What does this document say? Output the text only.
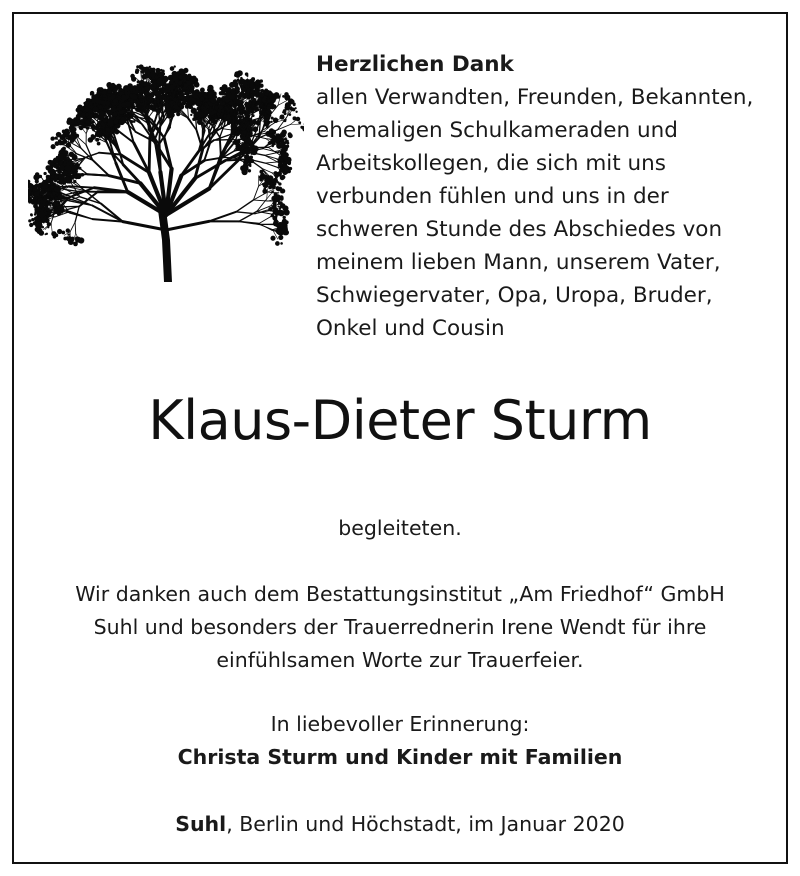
Herzlichen Dank
allen Verwandten, Freunden, Bekannten,
ehemaligen Schulkameraden und
Arbeitskollegen, die sich mit uns
verbunden fühlen und uns in der
schweren Stunde des Abschiedes von
meinem lieben Mann, unserem Vater,
Schwiegervater, Opa, Uropa, Bruder,
Onkel und Cousin
Klaus-Dieter Sturm
begleiteten.
Wir danken auch dem Bestattungsinstitut „Am Friedhof“ GmbH
Suhl und besonders der Trauerrednerin Irene Wendt für ihre
einfühlsamen Worte zur Trauerfeier.
In liebevoller Erinnerung:
Christa Sturm und Kinder mit Familien
Suhl, Berlin und Höchstadt, im Januar 2020
